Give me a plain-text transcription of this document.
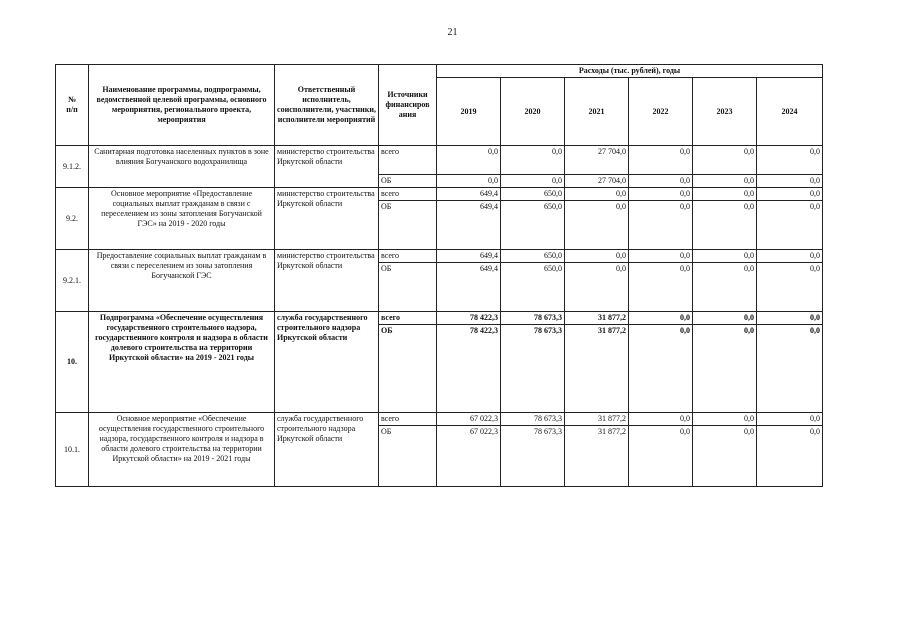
21
№
п/п	Наименование программы, подпрограммы, ведомственной целевой программы, основного мероприятия, регионального проекта, мероприятия	Ответственный исполнитель, соисполнители, участники, исполнители мероприятий	Источники финансиров ания	Расходы (тыс. рублей), годы					
				2019	2020	2021	2022	2023	2024
9.1.2.	Санитарная подготовка населенных пунктов в зоне влияния Богучанского водохранилища	министерство строительства Иркутской области	всего	0,0	0,0	27 704,0	0,0	0,0	0,0
			ОБ	0,0	0,0	27 704,0	0,0	0,0	0,0
9.2.	Основное мероприятие «Предоставление социальных выплат гражданам в связи с переселением из зоны затопления Богучанской ГЭС» на 2019 - 2020 годы	министерство строительства Иркутской области	всего	649,4	650,0	0,0	0,0	0,0	0,0
			ОБ	649,4	650,0	0,0	0,0	0,0	0,0
9.2.1.	Предоставление социальных выплат гражданам в связи с переселением из зоны затопления Богучанской ГЭС	министерство строительства Иркутской области	всего	649,4	650,0	0,0	0,0	0,0	0,0
			ОБ	649,4	650,0	0,0	0,0	0,0	0,0
10.	Подпрограмма «Обеспечение осуществления государственного строительного надзора, государственного контроля и надзора в области долевого строительства на территории Иркутской области» на 2019 - 2021 годы	служба государственного строительного надзора Иркутской области	всего	78 422,3	78 673,3	31 877,2	0,0	0,0	0,0
			ОБ	78 422,3	78 673,3	31 877,2	0,0	0,0	0,0
10.1.	Основное мероприятие «Обеспечение осуществления государственного строительного надзора, государственного контроля и надзора в области долевого строительства на территории Иркутской области» на 2019 - 2021 годы	служба государственного строительного надзора Иркутской области	всего	67 022,3	78 673,3	31 877,2	0,0	0,0	0,0
			ОБ	67 022,3	78 673,3	31 877,2	0,0	0,0	0,0
